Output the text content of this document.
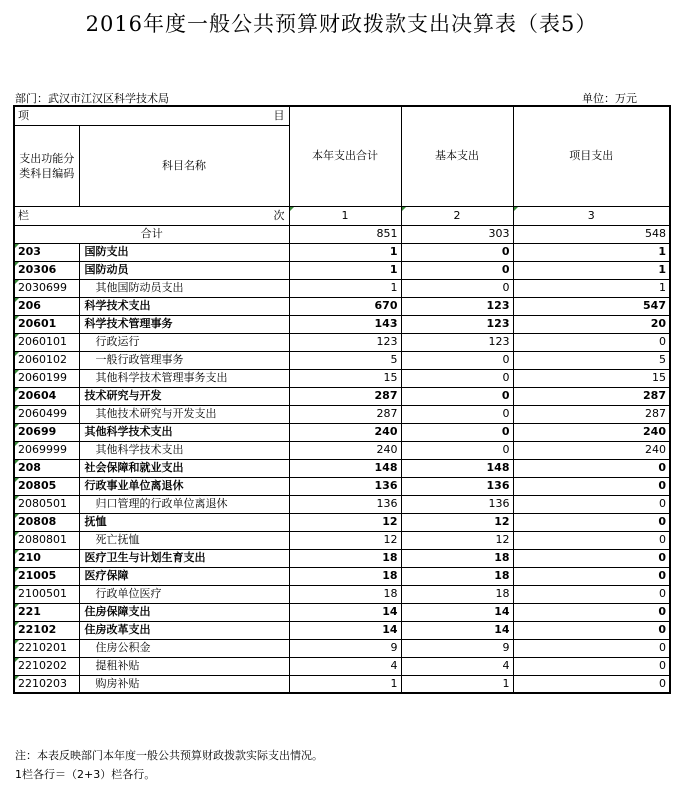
2016年度一般公共预算财政拨款支出决算表（表5）
部门：武汉市江汉区科学技术局	单位：万元
项 目		本年支出合计	基本支出	项目支出
支出功能分类科目编码	科目名称			
栏 次		1	2	3
合计		851	303	548
203	国防支出	1	0	1
20306	国防动员	1	0	1
2030699	其他国防动员支出	1	0	1
206	科学技术支出	670	123	547
20601	科学技术管理事务	143	123	20
2060101	行政运行	123	123	0
2060102	一般行政管理事务	5	0	5
2060199	其他科学技术管理事务支出	15	0	15
20604	技术研究与开发	287	0	287
2060499	其他技术研究与开发支出	287	0	287
20699	其他科学技术支出	240	0	240
2069999	其他科学技术支出	240	0	240
208	社会保障和就业支出	148	148	0
20805	行政事业单位离退休	136	136	0
2080501	归口管理的行政单位离退休	136	136	0
20808	抚恤	12	12	0
2080801	死亡抚恤	12	12	0
210	医疗卫生与计划生育支出	18	18	0
21005	医疗保障	18	18	0
2100501	行政单位医疗	18	18	0
221	住房保障支出	14	14	0
22102	住房改革支出	14	14	0
2210201	住房公积金	9	9	0
2210202	提租补贴	4	4	0
2210203	购房补贴	1	1	0
注：本表反映部门本年度一般公共预算财政拨款实际支出情况。
1栏各行＝（2+3）栏各行。
